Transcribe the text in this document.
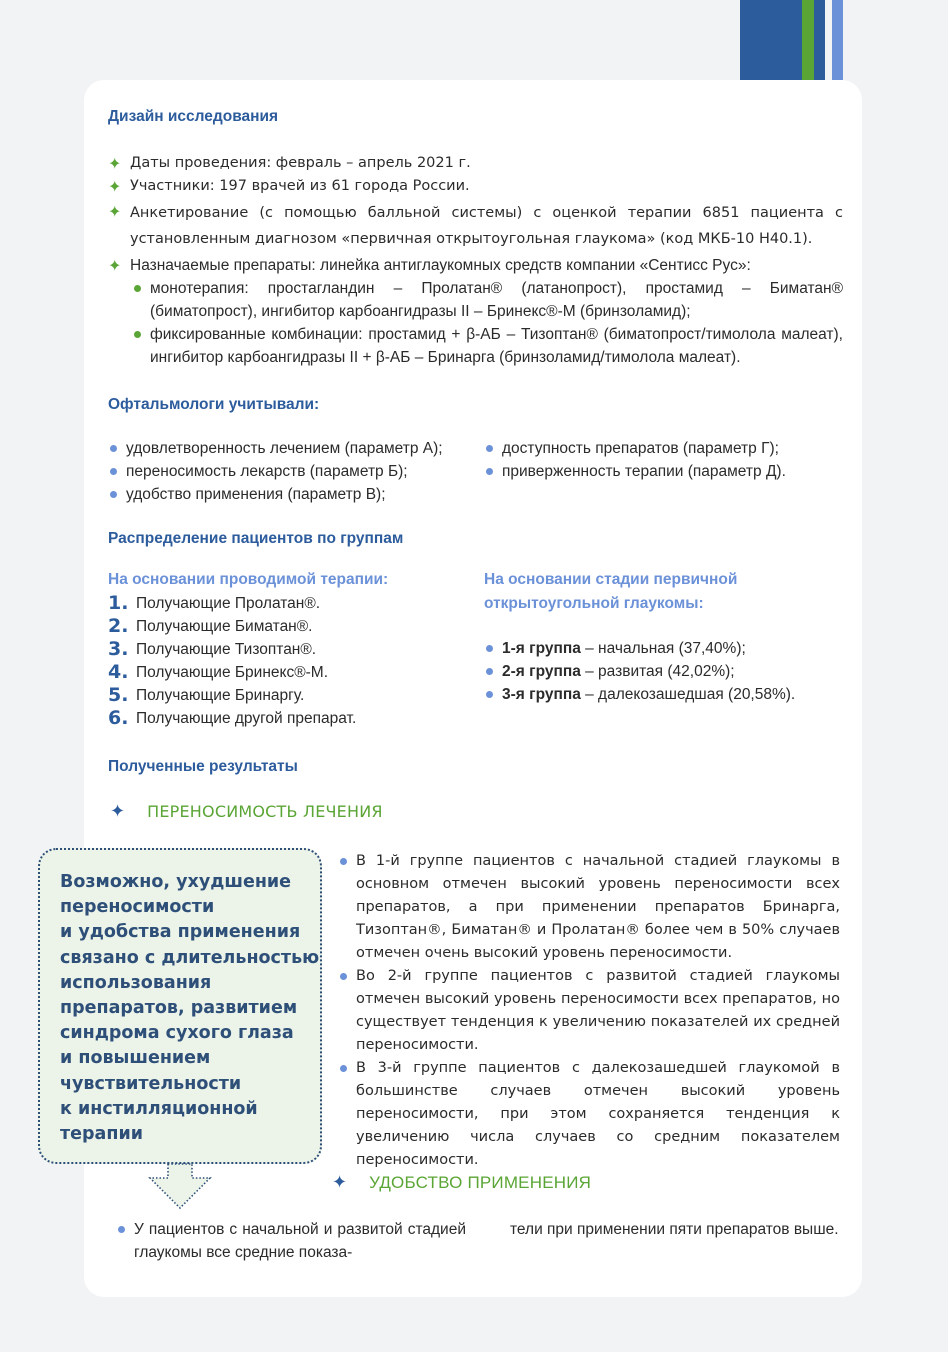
Дизайн исследования
✦ Даты проведения: февраль – апрель 2021 г.
✦ Участники: 197 врачей из 61 города России.
✦ Анкетирование (с помощью балльной системы) с оценкой терапии 6851 пациента с установленным диагнозом «первичная открытоугольная глаукома» (код МКБ-10 Н40.1).
✦ Назначаемые препараты: линейка антиглаукомных средств компании «Сентисс Рус»:
монотерапия: простагландин – Пролатан® (латанопрост), простамид – Биматан® (биматопрост), ингибитор карбоангидразы II – Бринекс®-М (бринзоламид);
фиксированные комбинации: простамид + β-АБ – Тизоптан® (биматопрост/тимолола малеат), ингибитор карбоангидразы II + β-АБ – Бринарга (бринзоламид/тимолола малеат).
Офтальмологи учитывали:
удовлетворенность лечением (параметр А);
переносимость лекарств (параметр Б);
удобство применения (параметр В);
доступность препаратов (параметр Г);
приверженность терапии (параметр Д).
Распределение пациентов по группам
На основании проводимой терапии:
1. Получающие Пролатан®.
2. Получающие Биматан®.
3. Получающие Тизоптан®.
4. Получающие Бринекс®-М.
5. Получающие Бринаргу.
6. Получающие другой препарат.
На основании стадии первичной
открытоугольной глаукомы:
1-я группа – начальная (37,40%);
2-я группа – развитая (42,02%);
3-я группа – далекозашедшая (20,58%).
Полученные результаты
✦ ПЕРЕНОСИМОСТЬ ЛЕЧЕНИЯ
Возможно, ухудшение
переносимости
и удобства применения
связано с длительностью
использования
препаратов, развитием
синдрома сухого глаза
и повышением
чувствительности
к инстилляционной
терапии
В 1-й группе пациентов с начальной стадией глаукомы в основном отмечен высокий уровень переносимости всех препаратов, а при применении препаратов Бринарга, Тизоптан®, Биматан® и Пролатан® более чем в 50% случаев отмечен очень высокий уровень переносимости.
Во 2-й группе пациентов с развитой стадией глаукомы отмечен высокий уровень переносимости всех препаратов, но существует тенденция к увеличению показателей их средней переносимости.
В 3-й группе пациентов с далекозашедшей глаукомой в большинстве случаев отмечен высокий уровень переносимости, при этом сохраняется тенденция к увеличению числа случаев со средним показателем переносимости.
✦ УДОБСТВО ПРИМЕНЕНИЯ
У пациентов с начальной и развитой стадией глаукомы все средние показа-
тели при применении пяти препаратов выше.
